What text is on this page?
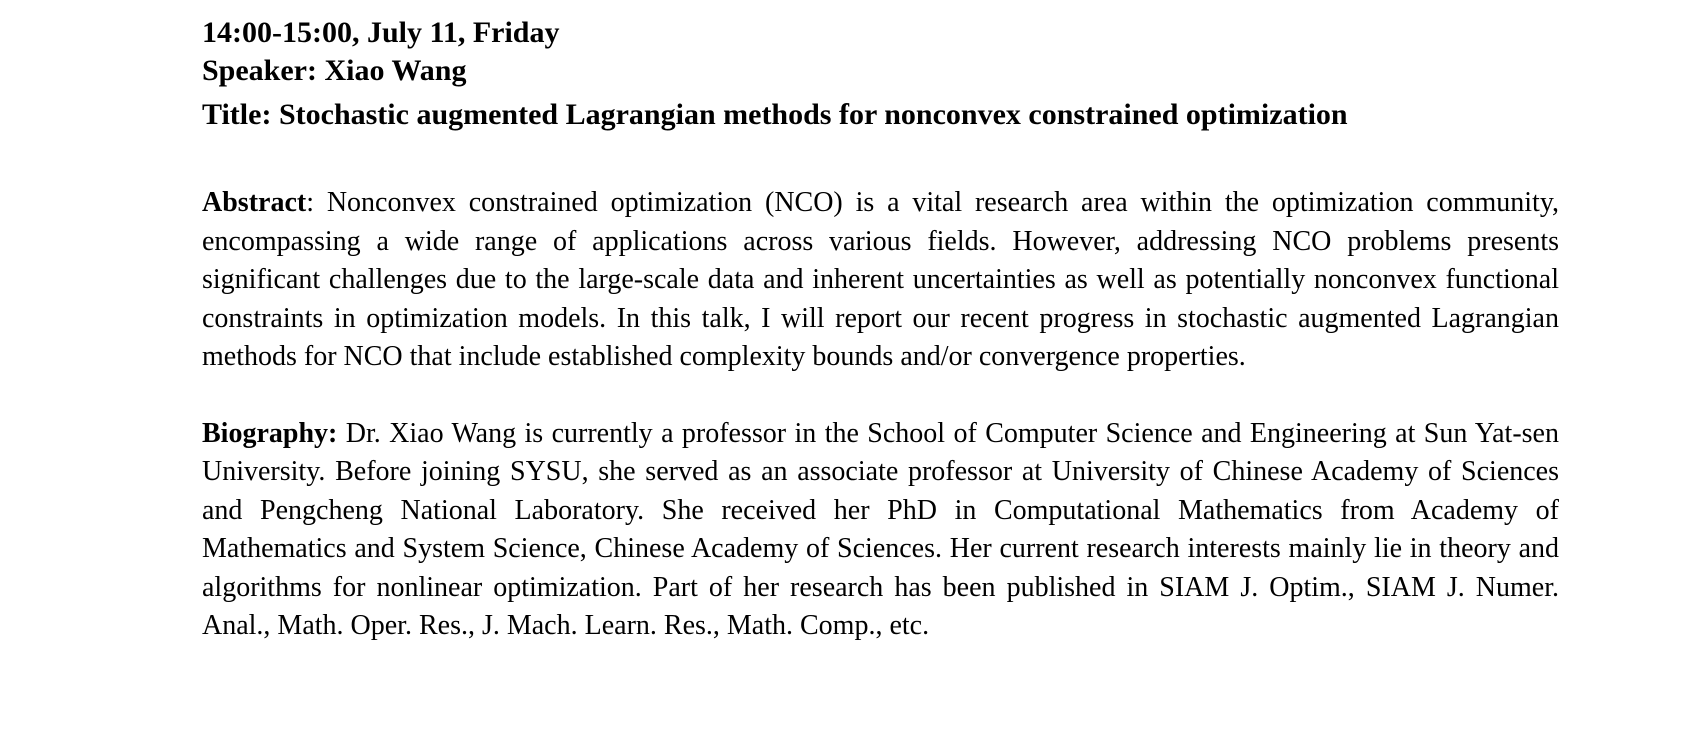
14:00-15:00, July 11, Friday

Speaker: Xiao Wang

Title: Stochastic augmented Lagrangian methods for nonconvex constrained optimization

Abstract: Nonconvex constrained optimization (NCO) is a vital research area within the optimization community, encompassing a wide range of applications across various fields. However, addressing NCO problems presents significant challenges due to the large-scale data and inherent uncertainties as well as potentially nonconvex functional constraints in optimization models. In this talk, I will report our recent progress in stochastic augmented Lagrangian methods for NCO that include established complexity bounds and/or convergence properties.

Biography: Dr. Xiao Wang is currently a professor in the School of Computer Science and Engineering at Sun Yat-sen University. Before joining SYSU, she served as an associate professor at University of Chinese Academy of Sciences and Pengcheng National Laboratory. She received her PhD in Computational Mathematics from Academy of Mathematics and System Science, Chinese Academy of Sciences. Her current research interests mainly lie in theory and algorithms for nonlinear optimization. Part of her research has been published in SIAM J. Optim., SIAM J. Numer. Anal., Math. Oper. Res., J. Mach. Learn. Res., Math. Comp., etc.
